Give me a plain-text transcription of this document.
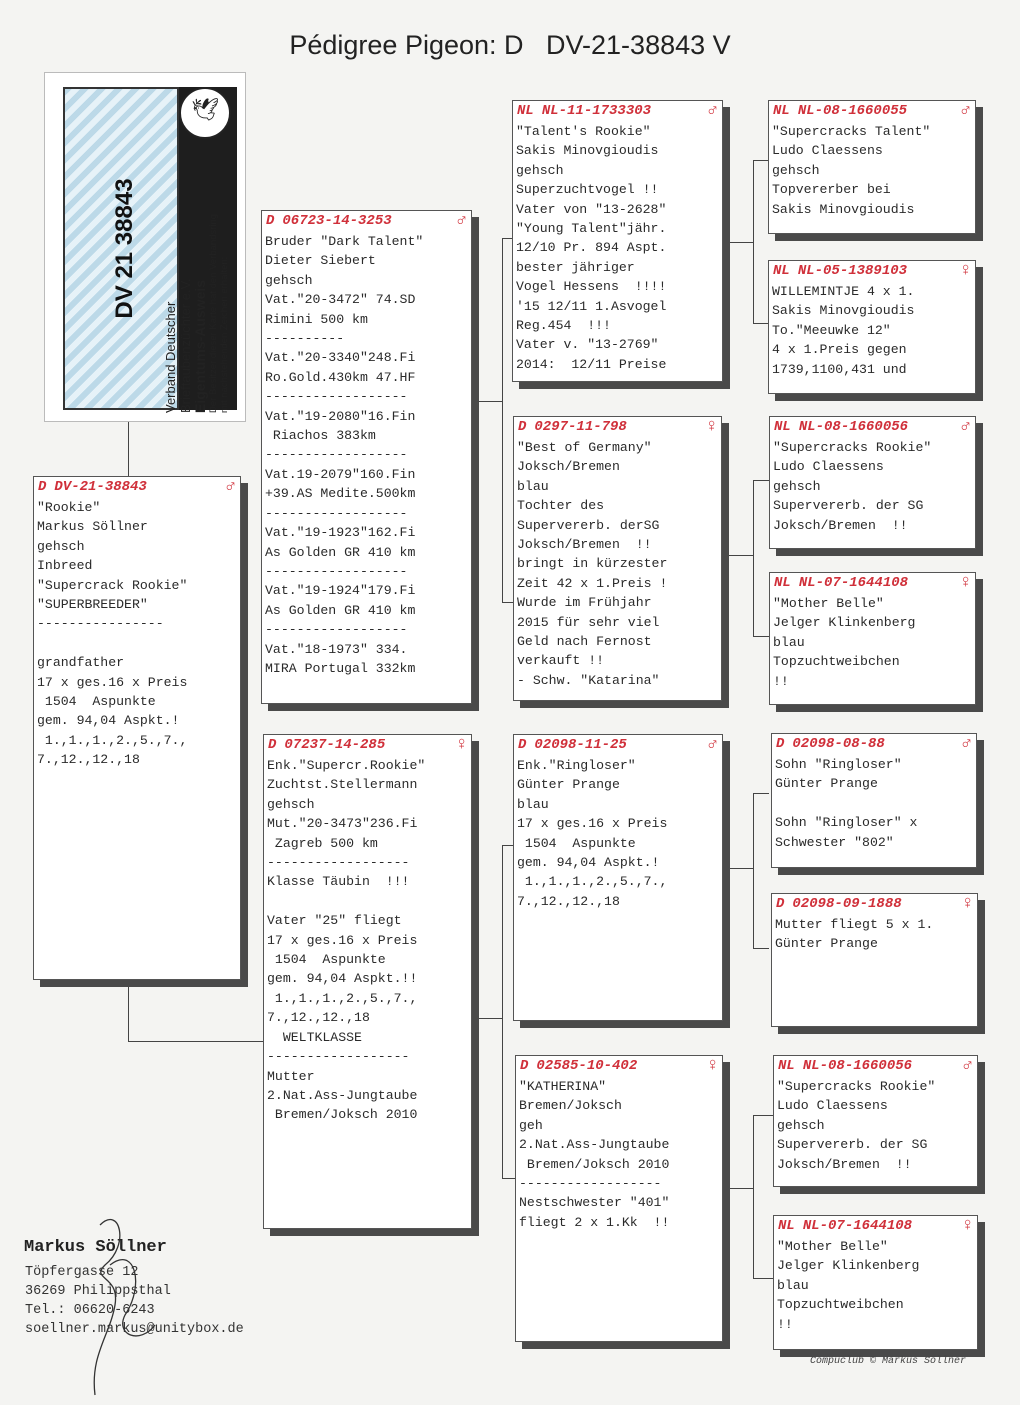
Pédigree Pigeon: D   DV-21-38843 V
DV 21 38843
Verband Deutscher Brieftaubenzüchter e.V. Eigentums-Ausweis Der Besitzer dieser Karte hat den Verbandsring mit nachstehenden Zeichen erhalten:
🕊
D DV-21-38843	♂
"Rookie"
Markus Söllner
gehsch
Inbreed
"Supercrack Rookie"
"SUPERBREEDER"
----------------

grandfather
17 x ges.16 x Preis
1504  Aspunkte
gem. 94,04 Aspkt.!
1.,1.,1.,2.,5.,7.,
7.,12.,12.,18
D 06723-14-3253	♂
Bruder "Dark Talent"
Dieter Siebert
gehsch
Vat."20-3472" 74.SD
Rimini 500 km
----------
Vat."20-3340"248.Fi
Ro.Gold.430km 47.HF
------------------
Vat."19-2080"16.Fin
Riachos 383km
------------------
Vat.19-2079"160.Fin
+39.AS Medite.500km
------------------
Vat."19-1923"162.Fi
As Golden GR 410 km
------------------
Vat."19-1924"179.Fi
As Golden GR 410 km
------------------
Vat."18-1973" 334.
MIRA Portugal 332km
D 07237-14-285	♀
Enk."Supercr.Rookie"
Zuchtst.Stellermann
gehsch
Mut."20-3473"236.Fi
Zagreb 500 km
------------------
Klasse Täubin  !!!

Vater "25" fliegt
17 x ges.16 x Preis
1504  Aspunkte
gem. 94,04 Aspkt.!!
1.,1.,1.,2.,5.,7.,
7.,12.,12.,18
WELTKLASSE
------------------
Mutter
2.Nat.Ass-Jungtaube
Bremen/Joksch 2010
NL NL-11-1733303	♂
"Talent's Rookie"
Sakis Minovgioudis
gehsch
Superzuchtvogel !!
Vater von "13-2628"
"Young Talent"jähr.
12/10 Pr. 894 Aspt.
bester jähriger
Vogel Hessens  !!!!
'15 12/11 1.Asvogel
Reg.454  !!!
Vater v. "13-2769"
2014:  12/11 Preise
D 0297-11-798	♀
"Best of Germany"
Joksch/Bremen
blau
Tochter des
Supervererb. derSG
Joksch/Bremen  !!
bringt in kürzester
Zeit 42 x 1.Preis !
Wurde im Frühjahr
2015 für sehr viel
Geld nach Fernost
verkauft !!
- Schw. "Katarina"
D 02098-11-25	♂
Enk."Ringloser"
Günter Prange
blau
17 x ges.16 x Preis
1504  Aspunkte
gem. 94,04 Aspkt.!
1.,1.,1.,2.,5.,7.,
7.,12.,12.,18
D 02585-10-402	♀
"KATHERINA"
Bremen/Joksch
geh
2.Nat.Ass-Jungtaube
Bremen/Joksch 2010
------------------
Nestschwester "401"
fliegt 2 x 1.Kk  !!
NL NL-08-1660055	♂
"Supercracks Talent"
Ludo Claessens
gehsch
Topvererber bei
Sakis Minovgioudis
NL NL-05-1389103	♀
WILLEMINTJE 4 x 1.
Sakis Minovgioudis
To."Meeuwke 12"
4 x 1.Preis gegen
1739,1100,431 und
NL NL-08-1660056	♂
"Supercracks Rookie"
Ludo Claessens
gehsch
Supervererb. der SG
Joksch/Bremen  !!
NL NL-07-1644108	♀
"Mother Belle"
Jelger Klinkenberg
blau
Topzuchtweibchen
!!
D 02098-08-88	♂
Sohn "Ringloser"
Günter Prange

Sohn "Ringloser" x
Schwester "802"
D 02098-09-1888	♀
Mutter fliegt 5 x 1.
Günter Prange
NL NL-08-1660056	♂
"Supercracks Rookie"
Ludo Claessens
gehsch
Supervererb. der SG
Joksch/Bremen  !!
NL NL-07-1644108	♀
"Mother Belle"
Jelger Klinkenberg
blau
Topzuchtweibchen
!!
Markus Söllner
Töpfergasse 12
36269 Philippsthal
Tel.: 06620-6243
soellner.markus@unitybox.de
Compuclub © Markus Söllner
